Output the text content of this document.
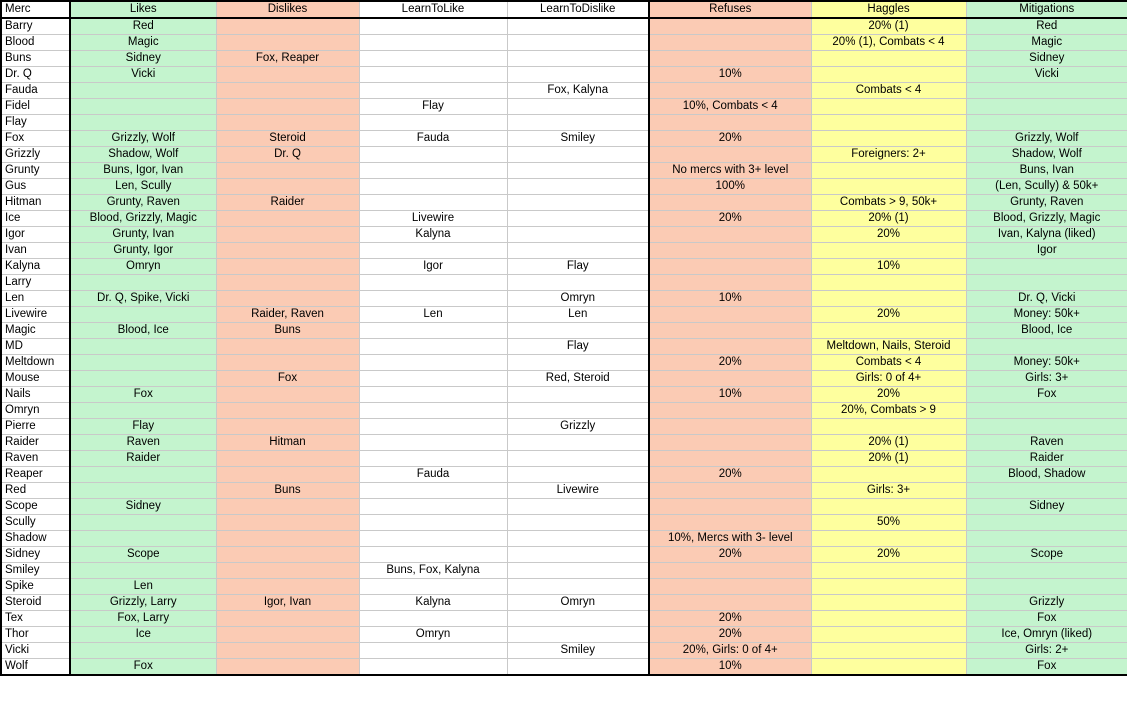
Merc	Likes	Dislikes	LearnToLike	LearnToDislike	Refuses	Haggles	Mitigations
Barry	Red					20% (1)	Red
Blood	Magic					20% (1), Combats < 4	Magic
Buns	Sidney	Fox, Reaper					Sidney
Dr. Q	Vicki				10%		Vicki
Fauda				Fox, Kalyna		Combats < 4	
Fidel			Flay		10%, Combats < 4		
Flay							
Fox	Grizzly, Wolf	Steroid	Fauda	Smiley	20%		Grizzly, Wolf
Grizzly	Shadow, Wolf	Dr. Q				Foreigners: 2+	Shadow, Wolf
Grunty	Buns, Igor, Ivan				No mercs with 3+ level		Buns, Ivan
Gus	Len, Scully				100%		(Len, Scully) & 50k+
Hitman	Grunty, Raven	Raider				Combats > 9, 50k+	Grunty, Raven
Ice	Blood, Grizzly, Magic		Livewire		20%	20% (1)	Blood, Grizzly, Magic
Igor	Grunty, Ivan		Kalyna			20%	Ivan, Kalyna (liked)
Ivan	Grunty, Igor						Igor
Kalyna	Omryn		Igor	Flay		10%	
Larry							
Len	Dr. Q, Spike, Vicki			Omryn	10%		Dr. Q, Vicki
Livewire		Raider, Raven	Len	Len		20%	Money: 50k+
Magic	Blood, Ice	Buns					Blood, Ice
MD				Flay		Meltdown, Nails, Steroid	
Meltdown					20%	Combats < 4	Money: 50k+
Mouse		Fox		Red, Steroid		Girls: 0 of 4+	Girls: 3+
Nails	Fox				10%	20%	Fox
Omryn						20%, Combats > 9	
Pierre	Flay			Grizzly			
Raider	Raven	Hitman				20% (1)	Raven
Raven	Raider					20% (1)	Raider
Reaper			Fauda		20%		Blood, Shadow
Red		Buns		Livewire		Girls: 3+	
Scope	Sidney						Sidney
Scully						50%	
Shadow					10%, Mercs with 3- level		
Sidney	Scope				20%	20%	Scope
Smiley			Buns, Fox, Kalyna				
Spike	Len						
Steroid	Grizzly, Larry	Igor, Ivan	Kalyna	Omryn			Grizzly
Tex	Fox, Larry				20%		Fox
Thor	Ice		Omryn		20%		Ice, Omryn (liked)
Vicki				Smiley	20%, Girls: 0 of 4+		Girls: 2+
Wolf	Fox				10%		Fox
